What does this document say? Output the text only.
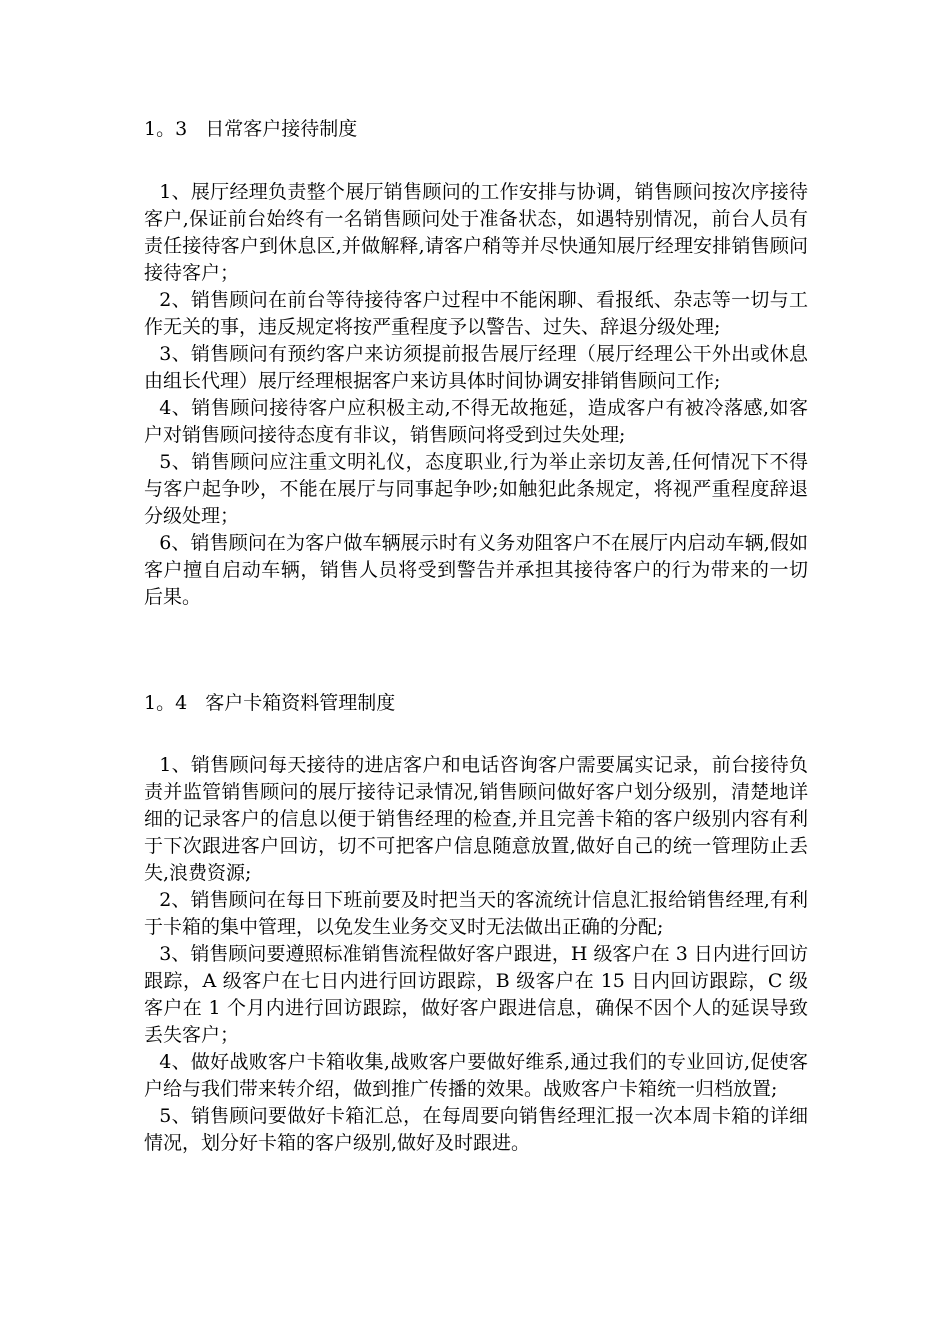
1。3   日常客户接待制度

1、展厅经理负责整个展厅销售顾问的工作安排与协调，销售顾问按次序接待客户,保证前台始终有一名销售顾问处于准备状态，如遇特别情况，前台人员有责任接待客户到休息区,并做解释,请客户稍等并尽快通知展厅经理安排销售顾问接待客户；

2、销售顾问在前台等待接待客户过程中不能闲聊、看报纸、杂志等一切与工作无关的事，违反规定将按严重程度予以警告、过失、辞退分级处理;

3、销售顾问有预约客户来访须提前报告展厅经理（展厅经理公干外出或休息由组长代理）展厅经理根据客户来访具体时间协调安排销售顾问工作;

4、销售顾问接待客户应积极主动,不得无故拖延，造成客户有被冷落感,如客户对销售顾问接待态度有非议，销售顾问将受到过失处理;

5、销售顾问应注重文明礼仪，态度职业,行为举止亲切友善,任何情况下不得与客户起争吵，不能在展厅与同事起争吵;如触犯此条规定，将视严重程度辞退分级处理；

6、销售顾问在为客户做车辆展示时有义务劝阻客户不在展厅内启动车辆,假如客户擅自启动车辆，销售人员将受到警告并承担其接待客户的行为带来的一切后果。

1。4   客户卡箱资料管理制度

1、销售顾问每天接待的进店客户和电话咨询客户需要属实记录，前台接待负责并监管销售顾问的展厅接待记录情况,销售顾问做好客户划分级别，清楚地详细的记录客户的信息以便于销售经理的检查,并且完善卡箱的客户级别内容有利于下次跟进客户回访，切不可把客户信息随意放置,做好自己的统一管理防止丢失,浪费资源;

2、销售顾问在每日下班前要及时把当天的客流统计信息汇报给销售经理,有利于卡箱的集中管理，以免发生业务交叉时无法做出正确的分配;

3、销售顾问要遵照标准销售流程做好客户跟进，H 级客户在 3 日内进行回访跟踪，A 级客户在七日内进行回访跟踪，B 级客户在 15 日内回访跟踪，C 级客户在 1 个月内进行回访跟踪，做好客户跟进信息，确保不因个人的延误导致丢失客户；

4、做好战败客户卡箱收集,战败客户要做好维系,通过我们的专业回访,促使客户给与我们带来转介绍，做到推广传播的效果。战败客户卡箱统一归档放置;

5、销售顾问要做好卡箱汇总，在每周要向销售经理汇报一次本周卡箱的详细情况，划分好卡箱的客户级别,做好及时跟进。
